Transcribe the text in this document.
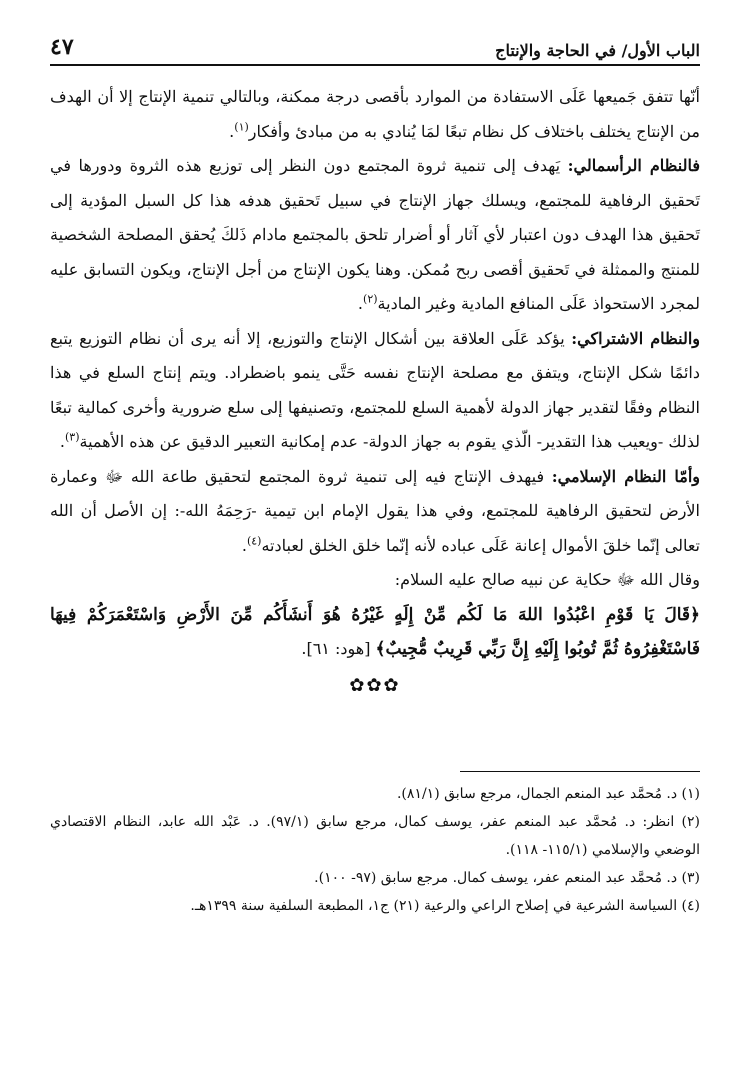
الباب الأول/ في الحاجة والإنتاج
٤٧

أنّها تتفق جَميعها عَلَى الاستفادة من الموارد بأقصى درجة ممكنة، وبالتالي تنمية الإنتاج إلا أن الهدف من الإنتاج يختلف باختلاف كل نظام تبعًا لمَا يُنادي به من مبادئ وأفكار$^{(١)}$.

فالنظام الرأسمالي: يَهدف إلى تنمية ثروة المجتمع دون النظر إلى توزيع هذه الثروة ودورها في تَحقيق الرفاهية للمجتمع، ويسلك جهاز الإنتاج في سبيل تَحقيق هدفه هذا كل السبل المؤدية إلى تَحقيق هذا الهدف دون اعتبار لأي آثار أو أضرار تلحق بالمجتمع مادام ذَلكَ يُحقق المصلحة الشخصية للمنتج والممثلة في تَحقيق أقصى ربح مُمكن. وهنا يكون الإنتاج من أجل الإنتاج، ويكون التسابق عليه لمجرد الاستحواذ عَلَى المنافع المادية وغير المادية$^{(٢)}$.

والنظام الاشتراكي: يؤكد عَلَى العلاقة بين أشكال الإنتاج والتوزيع، إلا أنه يرى أن نظام التوزيع يتبع دائمًا شكل الإنتاج، ويتفق مع مصلحة الإنتاج نفسه حَتَّى ينمو باضطراد. ويتم إنتاج السلع في هذا النظام وفقًا لتقدير جهاز الدولة لأهمية السلع للمجتمع، وتصنيفها إلى سلع ضرورية وأخرى كمالية تبعًا لذلك -ويعيب هذا التقدير- الّذي يقوم به جهاز الدولة- عدم إمكانية التعبير الدقيق عن هذه الأهمية$^{(٣)}$.

وأمّا النظام الإسلامي: فيهدف الإنتاج فيه إلى تنمية ثروة المجتمع لتحقيق طاعة الله ﷻ وعمارة الأرض لتحقيق الرفاهية للمجتمع، وفي هذا يقول الإمام ابن تيمية -رَحِمَهُ الله-: إن الأصل أن الله تعالى إنّما خلقَ الأموال إعانة عَلَى عباده لأنه إنّما خلق الخلق لعبادته$^{(٤)}$.

وقال الله ﷻ حكاية عن نبيه صالح عليه السلام:

﴿قَالَ يَا قَوْمِ اعْبُدُوا اللهَ مَا لَكُم مِّنْ إِلَهٍ غَيْرُهُ هُوَ أَنشَأَكُم مِّنَ الأَرْضِ وَاسْتَعْمَرَكُمْ فِيهَا فَاسْتَغْفِرُوهُ ثُمَّ تُوبُوا إِلَيْهِ إِنَّ رَبِّي قَرِيبٌ مُّجِيبٌ﴾ [هود: ٦١].

✿✿✿
(١) د. مُحمَّد عبد المنعم الجمال، مرجع سابق (٨١/١).
(٢) انظر: د. مُحمَّد عبد المنعم عفر، يوسف كمال، مرجع سابق (٩٧/١). د. عَبْد الله عابد، النظام الاقتصادي الوضعي والإسلامي (١١٥/١- ١١٨).
(٣) د. مُحمَّد عبد المنعم عفر، يوسف كمال. مرجع سابق (٩٧- ١٠٠).
(٤) السياسة الشرعية في إصلاح الراعي والرعية (٢١) ج١، المطبعة السلفية سنة ١٣٩٩هـ.
